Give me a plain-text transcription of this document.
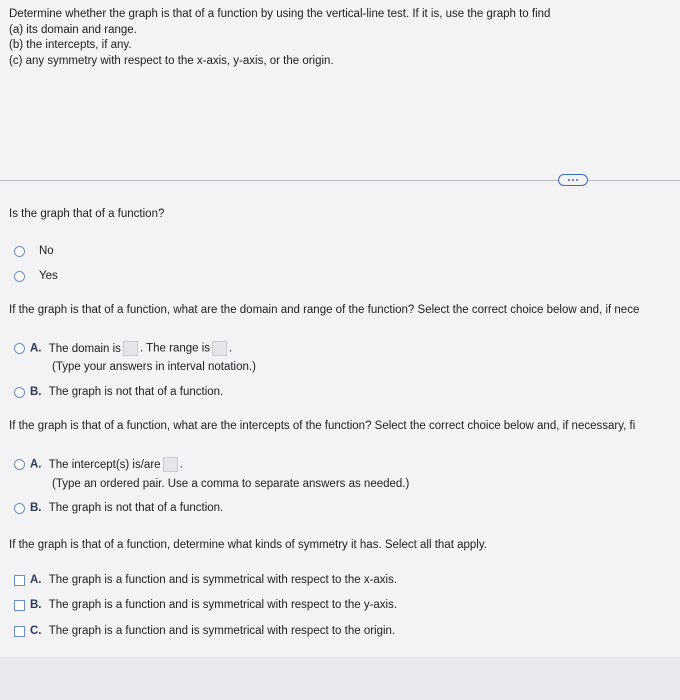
Determine whether the graph is that of a function by using the vertical-line test. If it is, use the graph to find
(a) its domain and range.
(b) the intercepts, if any.
(c) any symmetry with respect to the x-axis, y-axis, or the origin.
Is the graph that of a function?
No
Yes
If the graph is that of a function, what are the domain and range of the function? Select the correct choice below and, if nece
A. The domain is . The range is .
(Type your answers in interval notation.)
B. The graph is not that of a function.
If the graph is that of a function, what are the intercepts of the function? Select the correct choice below and, if necessary, fi
A. The intercept(s) is/are .
(Type an ordered pair. Use a comma to separate answers as needed.)
B. The graph is not that of a function.
If the graph is that of a function, determine what kinds of symmetry it has. Select all that apply.
A. The graph is a function and is symmetrical with respect to the x-axis.
B. The graph is a function and is symmetrical with respect to the y-axis.
C. The graph is a function and is symmetrical with respect to the origin.
